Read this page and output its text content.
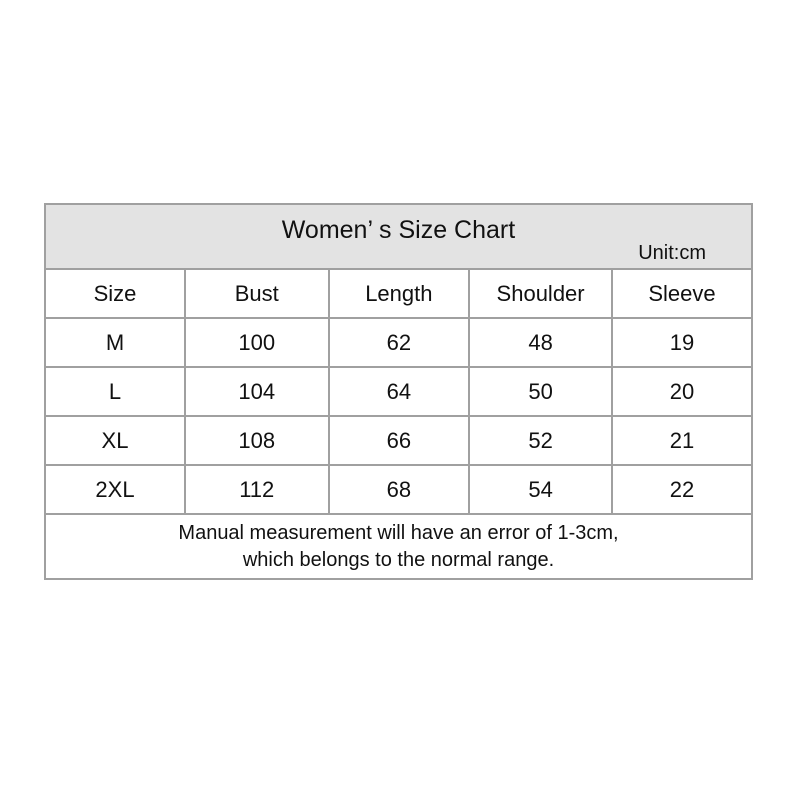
Women’ s Size Chart
Unit:cm				

Size	Bust	Length	Shoulder	Sleeve
M	100	62	48	19
L	104	64	50	20
XL	108	66	52	21
2XL	112	68	54	22

Manual measurement will have an error of 1-3cm,
which belongs to the normal range.				
